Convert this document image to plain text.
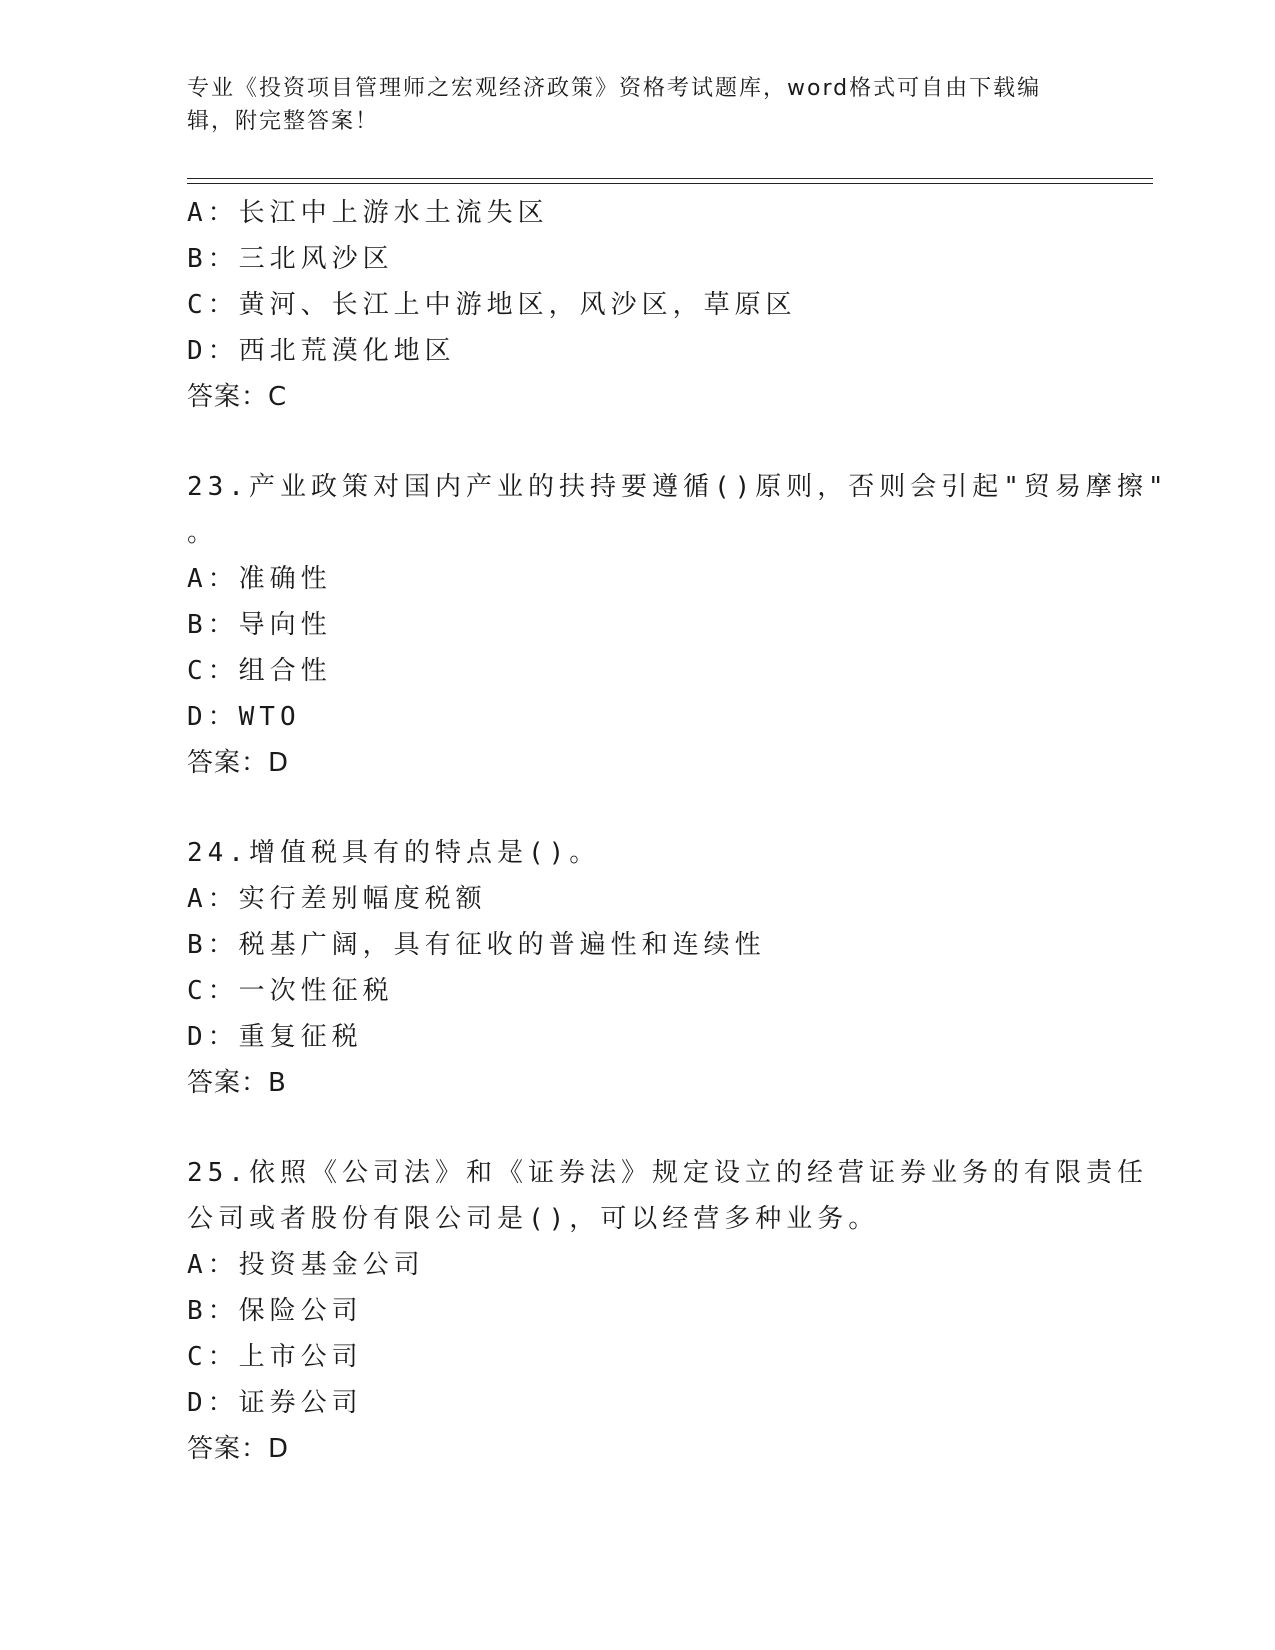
专业《投资项目管理师之宏观经济政策》资格考试题库，word格式可自由下载编辑，附完整答案！
A：长江中上游水土流失区
B：三北风沙区
C：黄河、长江上中游地区，风沙区，草原区
D：西北荒漠化地区
答案：C
23.产业政策对国内产业的扶持要遵循()原则，否则会引起"贸易摩擦"
。
A：准确性
B：导向性
C：组合性
D：WTO
答案：D
24.增值税具有的特点是()。
A：实行差别幅度税额
B：税基广阔，具有征收的普遍性和连续性
C：一次性征税
D：重复征税
答案：B
25.依照《公司法》和《证券法》规定设立的经营证券业务的有限责任
公司或者股份有限公司是()，可以经营多种业务。
A：投资基金公司
B：保险公司
C：上市公司
D：证券公司
答案：D
